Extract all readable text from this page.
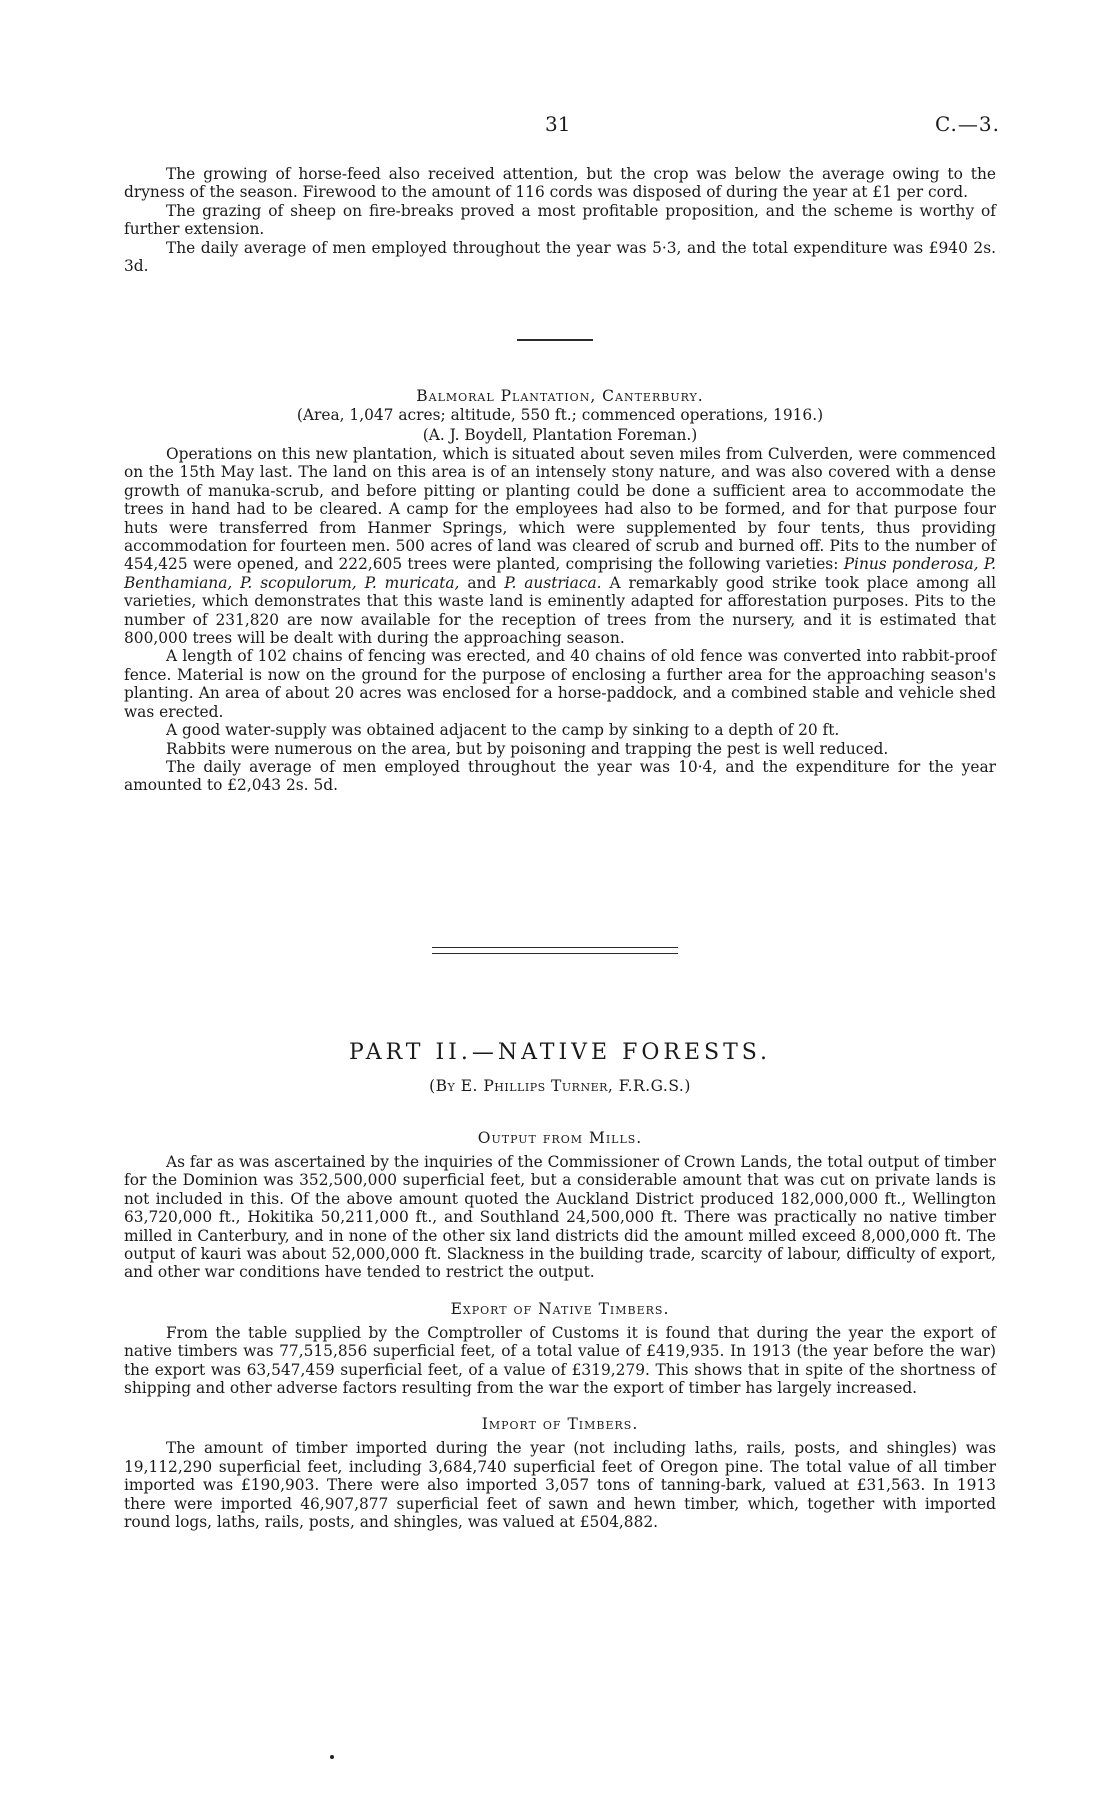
31	C.—3.

The growing of horse-feed also received attention, but the crop was below the average owing to the dryness of the season. Firewood to the amount of 116 cords was disposed of during the year at £1 per cord.

The grazing of sheep on fire-breaks proved a most profitable proposition, and the scheme is worthy of further extension.

The daily average of men employed throughout the year was 5·3, and the total expenditure was £940 2s. 3d.

Balmoral Plantation, Canterbury.

(Area, 1,047 acres; altitude, 550 ft.; commenced operations, 1916.)

(A. J. Boydell, Plantation Foreman.)

Operations on this new plantation, which is situated about seven miles from Culverden, were commenced on the 15th May last. The land on this area is of an intensely stony nature, and was also covered with a dense growth of manuka-scrub, and before pitting or planting could be done a sufficient area to accommodate the trees in hand had to be cleared. A camp for the employees had also to be formed, and for that purpose four huts were transferred from Hanmer Springs, which were supplemented by four tents, thus providing accommodation for fourteen men. 500 acres of land was cleared of scrub and burned off. Pits to the number of 454,425 were opened, and 222,605 trees were planted, comprising the following varieties: Pinus ponderosa, P. Benthamiana, P. scopulorum, P. muricata, and P. austriaca. A remarkably good strike took place among all varieties, which demonstrates that this waste land is eminently adapted for afforestation purposes. Pits to the number of 231,820 are now available for the reception of trees from the nursery, and it is estimated that 800,000 trees will be dealt with during the approaching season.

A length of 102 chains of fencing was erected, and 40 chains of old fence was converted into rabbit-proof fence. Material is now on the ground for the purpose of enclosing a further area for the approaching season's planting. An area of about 20 acres was enclosed for a horse-paddock, and a combined stable and vehicle shed was erected.

A good water-supply was obtained adjacent to the camp by sinking to a depth of 20 ft.

Rabbits were numerous on the area, but by poisoning and trapping the pest is well reduced.

The daily average of men employed throughout the year was 10·4, and the expenditure for the year amounted to £2,043 2s. 5d.

PART II.—NATIVE FORESTS.

(By E. Phillips Turner, F.R.G.S.)

Output from Mills.

As far as was ascertained by the inquiries of the Commissioner of Crown Lands, the total output of timber for the Dominion was 352,500,000 superficial feet, but a considerable amount that was cut on private lands is not included in this. Of the above amount quoted the Auckland District produced 182,000,000 ft., Wellington 63,720,000 ft., Hokitika 50,211,000 ft., and Southland 24,500,000 ft. There was practically no native timber milled in Canterbury, and in none of the other six land districts did the amount milled exceed 8,000,000 ft. The output of kauri was about 52,000,000 ft. Slackness in the building trade, scarcity of labour, difficulty of export, and other war conditions have tended to restrict the output.

Export of Native Timbers.

From the table supplied by the Comptroller of Customs it is found that during the year the export of native timbers was 77,515,856 superficial feet, of a total value of £419,935. In 1913 (the year before the war) the export was 63,547,459 superficial feet, of a value of £319,279. This shows that in spite of the shortness of shipping and other adverse factors resulting from the war the export of timber has largely increased.

Import of Timbers.

The amount of timber imported during the year (not including laths, rails, posts, and shingles) was 19,112,290 superficial feet, including 3,684,740 superficial feet of Oregon pine. The total value of all timber imported was £190,903. There were also imported 3,057 tons of tanning-bark, valued at £31,563. In 1913 there were imported 46,907,877 superficial feet of sawn and hewn timber, which, together with imported round logs, laths, rails, posts, and shingles, was valued at £504,882.
